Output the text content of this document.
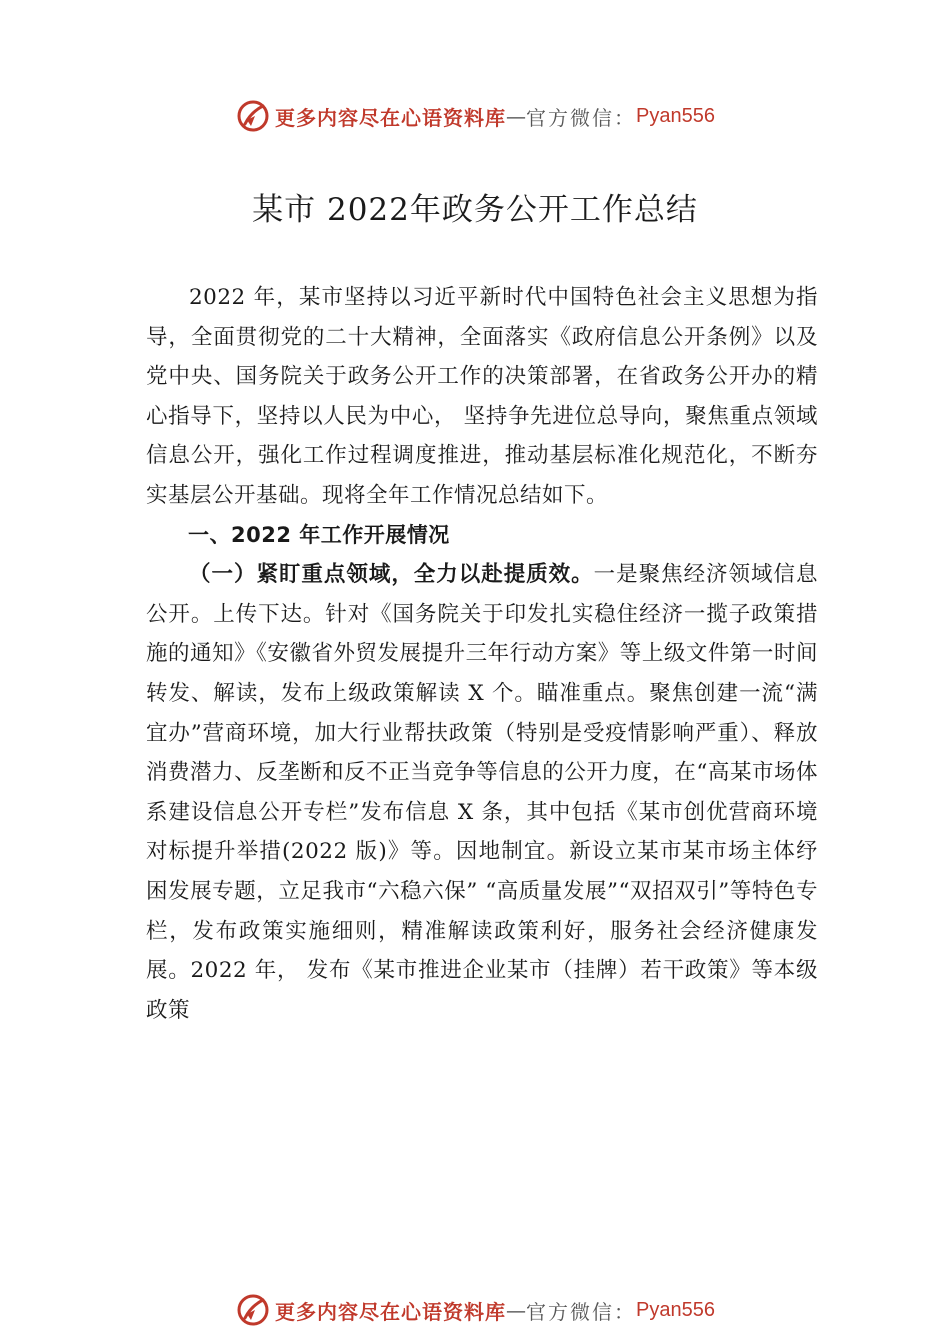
更多内容尽在心语资料库 — 官方微信： Pyan556
某市 2022年政务公开工作总结

2022 年，某市坚持以习近平新时代中国特色社会主义思想为指导，全面贯彻党的二十大精神，全面落实《政府信息公开条例》以及党中央、国务院关于政务公开工作的决策部署，在省政务公开办的精心指导下，坚持以人民为中心， 坚持争先进位总导向，聚焦重点领域信息公开，强化工作过程调度推进，推动基层标准化规范化，不断夯实基层公开基础。现将全年工作情况总结如下。

一、2022 年工作开展情况

（一）紧盯重点领域，全力以赴提质效。一是聚焦经济领域信息公开。上传下达。针对《国务院关于印发扎实稳住经济一揽子政策措施的通知》《安徽省外贸发展提升三年行动方案》等上级文件第一时间转发、解读，发布上级政策解读 X 个。瞄准重点。聚焦创建一流“满宜办”营商环境，加大行业帮扶政策（特别是受疫情影响严重）、释放消费潜力、反垄断和反不正当竞争等信息的公开力度，在“高某市场体系建设信息公开专栏”发布信息 X 条，其中包括《某市创优营商环境对标提升举措(2022 版)》等。因地制宜。新设立某市某市场主体纾困发展专题，立足我市“六稳六保” “高质量发展”“双招双引”等特色专栏，发布政策实施细则，精准解读政策利好，服务社会经济健康发展。2022 年， 发布《某市推进企业某市（挂牌）若干政策》等本级政策

更多内容尽在心语资料库 — 官方微信： Pyan556
